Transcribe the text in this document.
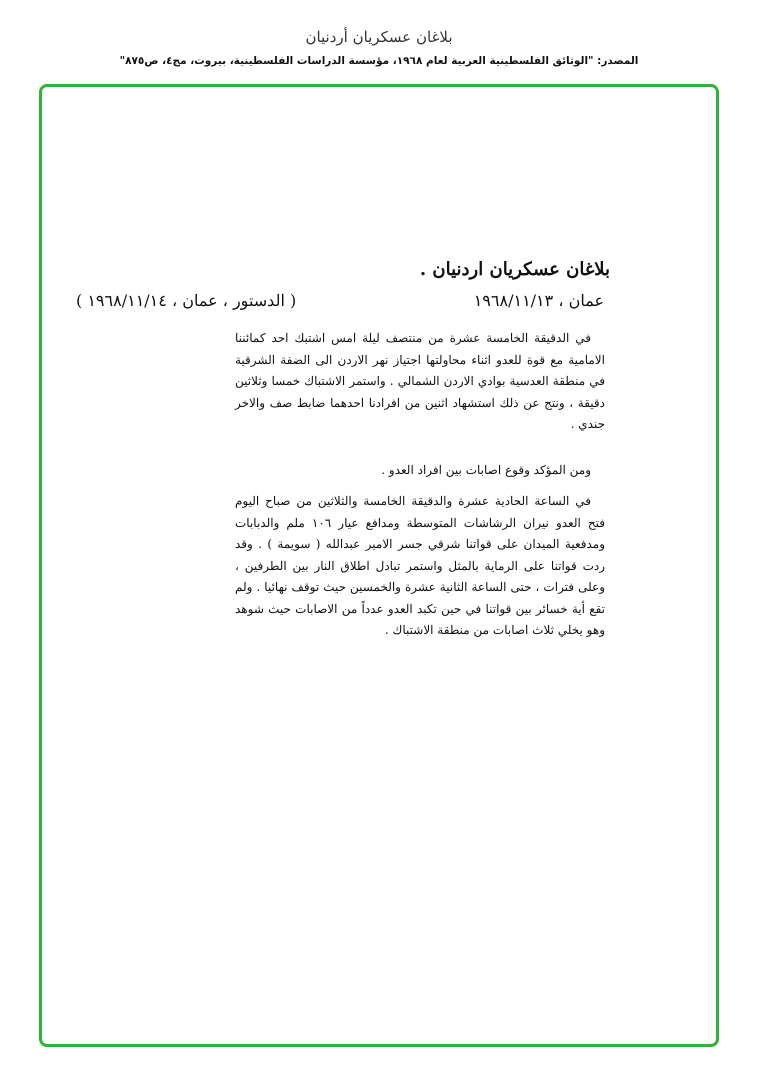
بلاغان عسكريان أردنيان
المصدر: "الوثائق الفلسطينية العربية لعام ١٩٦٨، مؤسسة الدراسات الفلسطينية، بيروت، مج٤، ص٨٧٥"
بلاغان عسكريان اردنيان .
عمان ، ١٩٦٨/١١/١٣
( الدستور ، عمان ، ١٩٦٨/١١/١٤ )

في الدقيقة الخامسة عشرة من منتصف ليلة امس اشتبك احد كمائننا الامامية مع قوة للعدو اثناء محاولتها اجتياز نهر الاردن الى الضفة الشرقية في منطقة العدسية بوادي الاردن الشمالي . واستمر الاشتباك خمسا وثلاثين دقيقة ، ونتج عن ذلك استشهاد اثنين من افرادنا احدهما ضابط صف والاخر جندي .

ومن المؤكد وقوع اصابات بين افراد العدو .

في الساعة الحادية عشرة والدقيقة الخامسة والثلاثين من صباح اليوم فتح العدو نيران الرشاشات المتوسطة ومدافع عيار ١٠٦ ملم والدبابات ومدفعية الميدان على قواتنا شرقي جسر الامير عبدالله ( سويمة ) . وقد ردت قواتنا على الرماية بالمثل واستمر تبادل اطلاق النار بين الطرفين ، وعلى فترات ، حتى الساعة الثانية عشرة والخمسين حيث توقف نهائيا . ولم تقع أية خسائر بين قواتنا في حين تكبد العدو عدداً من الاصابات حيث شوهد وهو يخلي ثلاث اصابات من منطقة الاشتباك .
